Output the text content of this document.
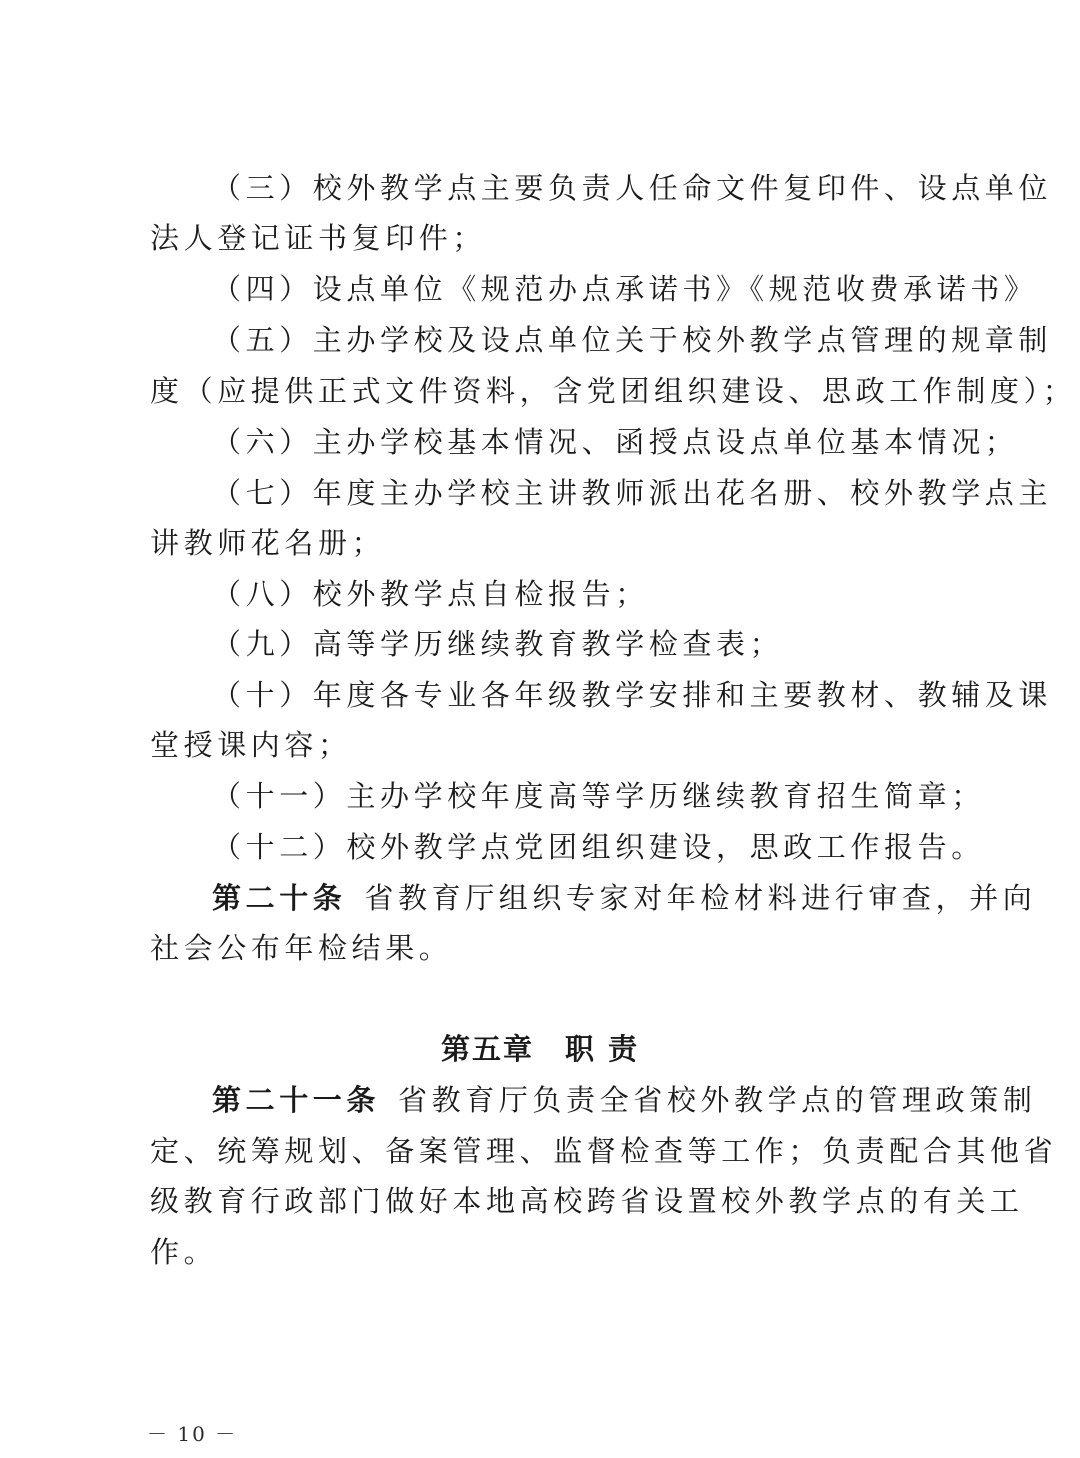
（三）校外教学点主要负责人任命文件复印件、设点单位
法人登记证书复印件；
（四）设点单位《规范办点承诺书》《规范收费承诺书》
（五）主办学校及设点单位关于校外教学点管理的规章制
度（应提供正式文件资料，含党团组织建设、思政工作制度）；
（六）主办学校基本情况、函授点设点单位基本情况；
（七）年度主办学校主讲教师派出花名册、校外教学点主
讲教师花名册；
（八）校外教学点自检报告；
（九）高等学历继续教育教学检查表；
（十）年度各专业各年级教学安排和主要教材、教辅及课
堂授课内容；
（十一）主办学校年度高等学历继续教育招生简章；
（十二）校外教学点党团组织建设，思政工作报告。
第二十条 省教育厅组织专家对年检材料进行审查，并向
社会公布年检结果。
第五章　职 责
第二十一条 省教育厅负责全省校外教学点的管理政策制
定、统筹规划、备案管理、监督检查等工作；负责配合其他省
级教育行政部门做好本地高校跨省设置校外教学点的有关工
作。
－ 10 －
